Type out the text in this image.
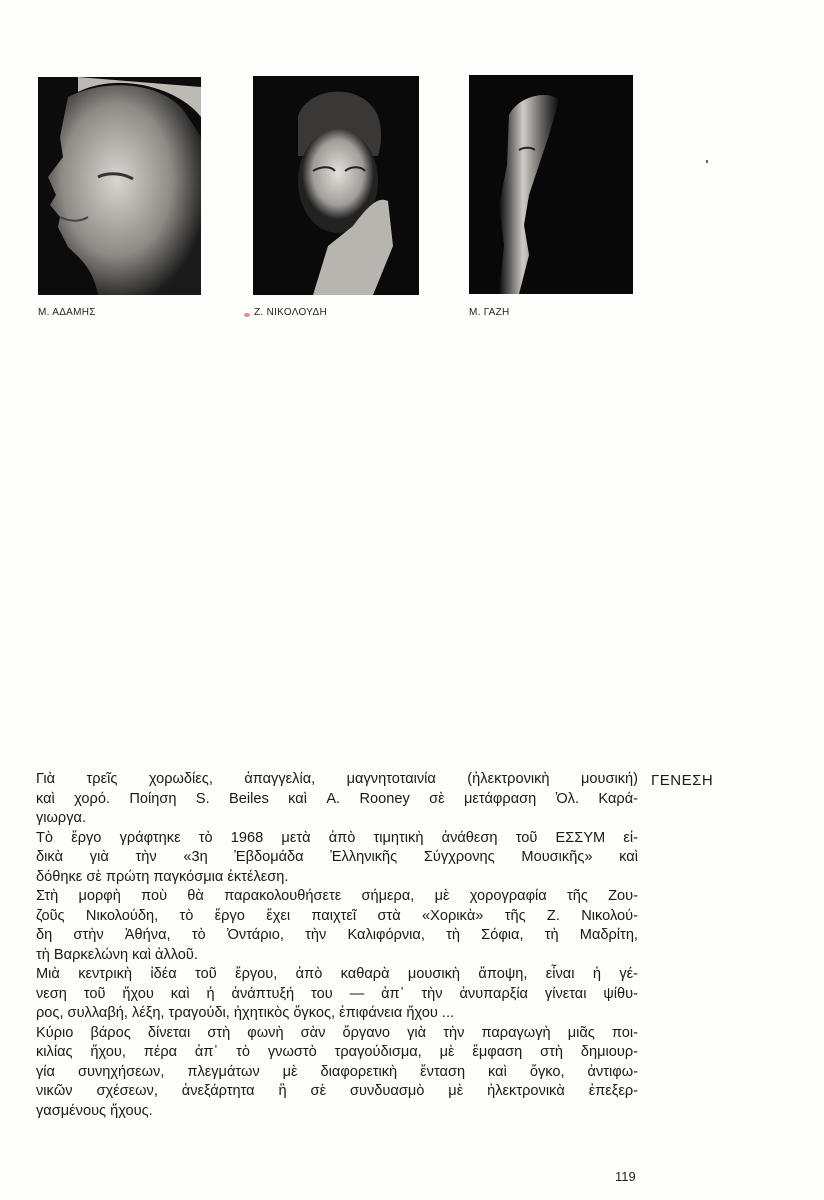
Μ. ΑΔΑΜΗΣ	Ζ. ΝΙΚΟΛΟΥΔΗ	Μ. ΓΑΖΗ
Γιὰ τρεῖς χορωδίες, ἀπαγγελία, μαγνητοταινία (ἠλεκτρονικὴ μουσική)
καὶ χορό. Ποίηση S. Beiles καὶ A. Rooney σὲ μετάφραση Ὀλ. Καρά-
γιωργα.
Τὸ ἔργο γράφτηκε τὸ 1968 μετὰ ἀπὸ τιμητικὴ ἀνάθεση τοῦ ΕΣΣΥΜ εἰ-
δικὰ γιὰ τὴν «3η Ἑβδομάδα Ἑλληνικῆς Σύγχρονης Μουσικῆς» καὶ
δόθηκε σὲ πρώτη παγκόσμια ἐκτέλεση.
Στὴ μορφὴ ποὺ θὰ παρακολουθήσετε σήμερα, μὲ χορογραφία τῆς Ζου-
ζοῦς Νικολούδη, τὸ ἔργο ἔχει παιχτεῖ στὰ «Χορικὰ» τῆς Ζ. Νικολού-
δη στὴν Ἀθήνα, τὸ Ὀντάριο, τὴν Καλιφόρνια, τὴ Σόφια, τὴ Μαδρίτη,
τὴ Βαρκελώνη καὶ ἀλλοῦ.
Μιὰ κεντρικὴ ἰδέα τοῦ ἔργου, ἀπὸ καθαρὰ μουσικὴ ἄποψη, εἶναι ἡ γέ-
νεση τοῦ ἤχου καὶ ἡ ἀνάπτυξή του — ἀπ᾽ τὴν ἀνυπαρξία γίνεται ψίθυ-
ρος, συλλαβή, λέξη, τραγούδι, ἠχητικὸς ὄγκος, ἐπιφάνεια ἤχου ...
Κύριο βάρος δίνεται στὴ φωνὴ σὰν ὄργανο γιὰ τὴν παραγωγὴ μιᾶς ποι-
κιλίας ἤχου, πέρα ἀπ᾽ τὸ γνωστὸ τραγούδισμα, μὲ ἔμφαση στὴ δημιουρ-
γία συνηχήσεων, πλεγμάτων μὲ διαφορετικὴ ἔνταση καὶ ὄγκο, ἀντιφω-
νικῶν σχέσεων, ἀνεξάρτητα ἢ σὲ συνδυασμὸ μὲ ἠλεκτρονικὰ ἐπεξερ-
γασμένους ἤχους.
ΓΕΝΕΣΗ
119
